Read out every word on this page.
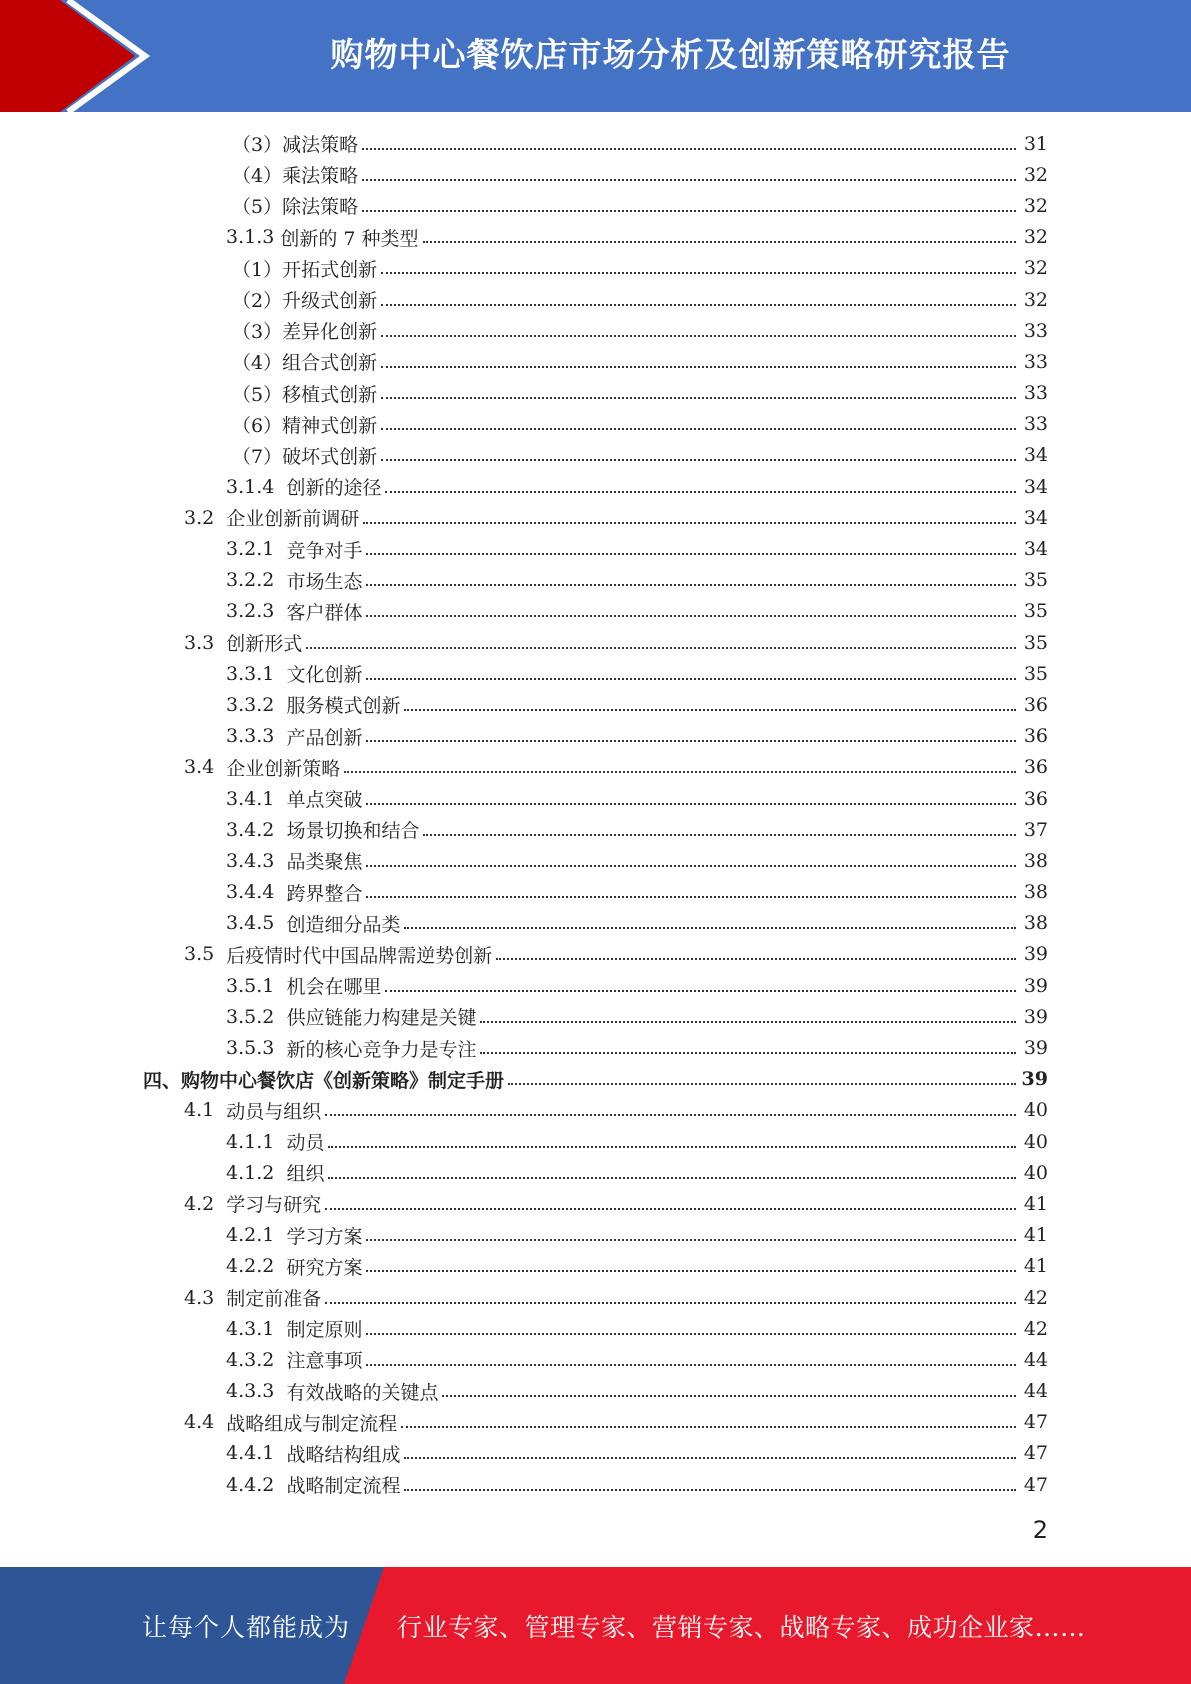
购物中心餐饮店市场分析及创新策略研究报告
（3） 减法策略	31
（4） 乘法策略	32
（5） 除法策略	32
3.1.3 创新的 7 种类型	32
（1） 开拓式创新	32
（2） 升级式创新	32
（3） 差异化创新	33
（4） 组合式创新	33
（5） 移植式创新	33
（6） 精神式创新	33
（7） 破坏式创新	34
3.1.4 创新的途径	34
3.2 企业创新前调研	34
3.2.1 竞争对手	34
3.2.2 市场生态	35
3.2.3 客户群体	35
3.3 创新形式	35
3.3.1 文化创新	35
3.3.2 服务模式创新	36
3.3.3 产品创新	36
3.4 企业创新策略	36
3.4.1 单点突破	36
3.4.2 场景切换和结合	37
3.4.3 品类聚焦	38
3.4.4 跨界整合	38
3.4.5 创造细分品类	38
3.5 后疫情时代中国品牌需逆势创新	39
3.5.1 机会在哪里	39
3.5.2 供应链能力构建是关键	39
3.5.3 新的核心竞争力是专注	39
四、购物中心餐饮店《创新策略》制定手册	39
4.1 动员与组织	40
4.1.1 动员	40
4.1.2 组织	40
4.2 学习与研究	41
4.2.1 学习方案	41
4.2.2 研究方案	41
4.3 制定前准备	42
4.3.1 制定原则	42
4.3.2 注意事项	44
4.3.3 有效战略的关键点	44
4.4 战略组成与制定流程	47
4.4.1 战略结构组成	47
4.4.2 战略制定流程	47
2
让每个人都能成为 行业专家、管理专家、营销专家、战略专家、成功企业家……
